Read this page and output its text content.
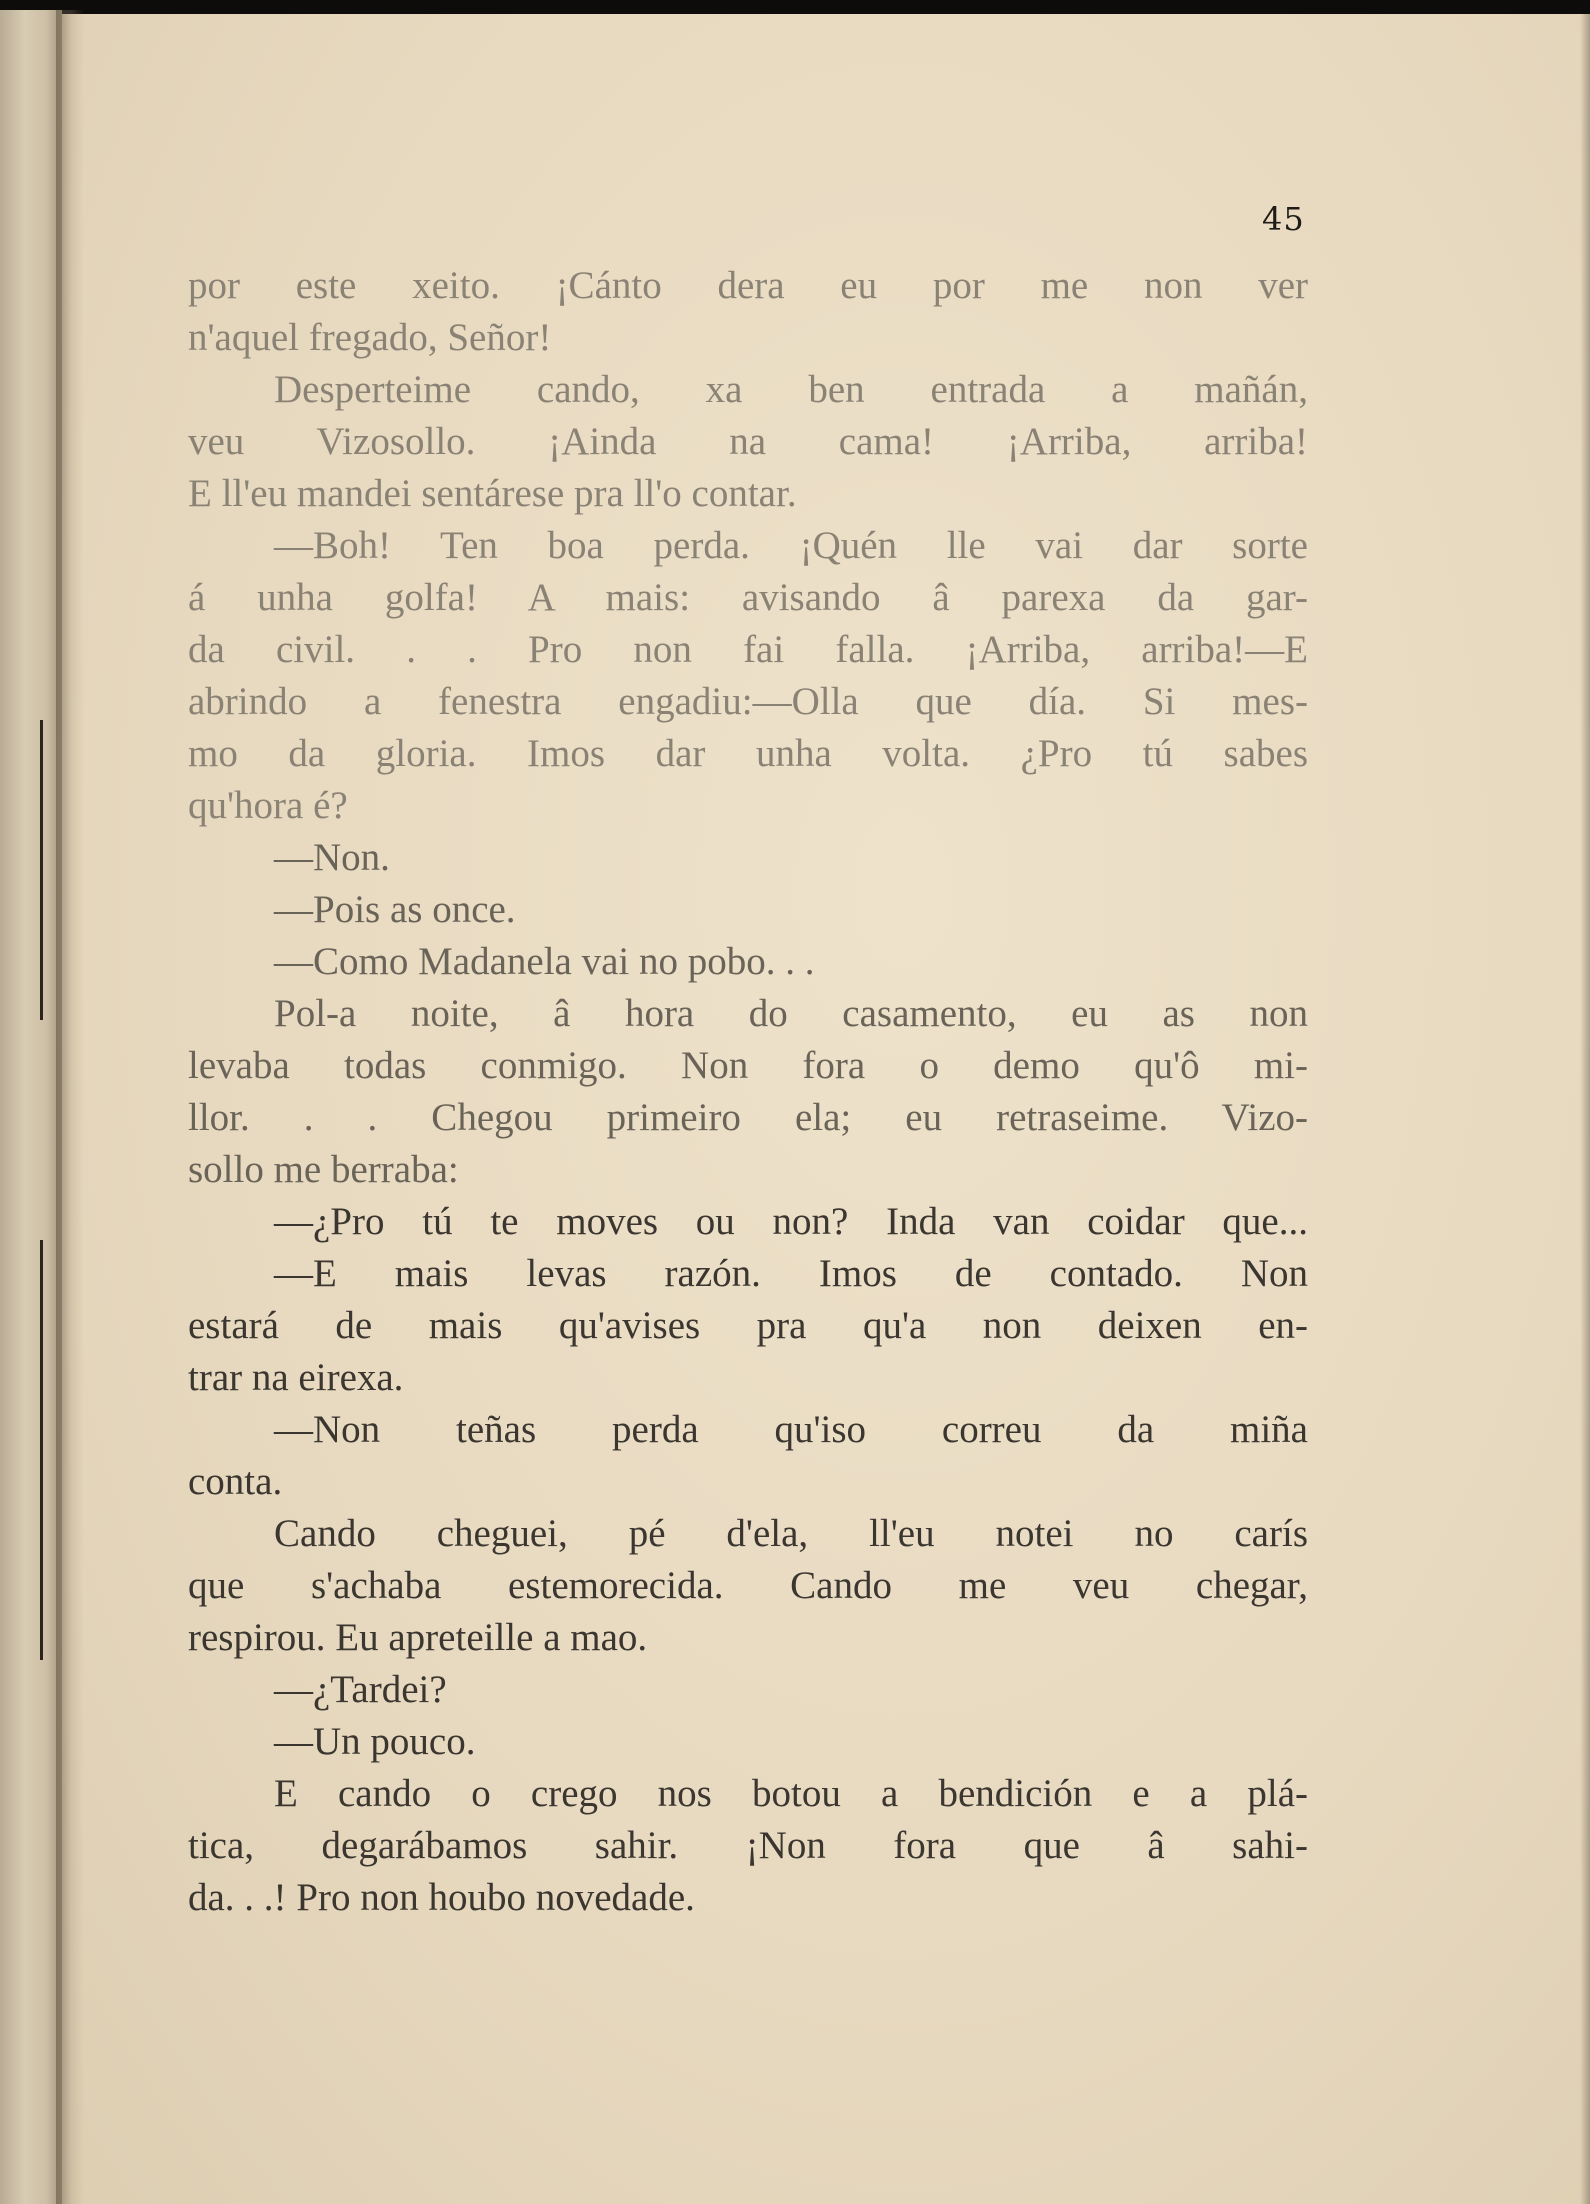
45
por este xeito. ¡Cánto dera eu por me non ver
n'aquel fregado, Señor!
Desperteime cando, xa ben entrada a mañán,
veu Vizosollo. ¡Ainda na cama! ¡Arriba, arriba!
E ll'eu mandei sentárese pra ll'o contar.
—Boh! Ten boa perda. ¡Quén lle vai dar sorte
á unha golfa! A mais: avisando â parexa da gar-
da civil. . . Pro non fai falla. ¡Arriba, arriba!—E
abrindo a fenestra engadiu:—Olla que día. Si mes-
mo da gloria. Imos dar unha volta. ¿Pro tú sabes
qu'hora é?
—Non.
—Pois as once.
—Como Madanela vai no pobo. . .
Pol-a noite, â hora do casamento, eu as non
levaba todas conmigo. Non fora o demo qu'ô mi-
llor. . . Chegou primeiro ela; eu retraseime. Vizo-
sollo me berraba:
—¿Pro tú te moves ou non? Inda van coidar que...
—E mais levas razón. Imos de contado. Non
estará de mais qu'avises pra qu'a non deixen en-
trar na eirexa.
—Non teñas perda qu'iso correu da miña
conta.
Cando cheguei, pé d'ela, ll'eu notei no carís
que s'achaba estemorecida. Cando me veu chegar,
respirou. Eu apreteille a mao.
—¿Tardei?
—Un pouco.
E cando o crego nos botou a bendición e a plá-
tica, degarábamos sahir. ¡Non fora que â sahi-
da. . .! Pro non houbo novedade.
